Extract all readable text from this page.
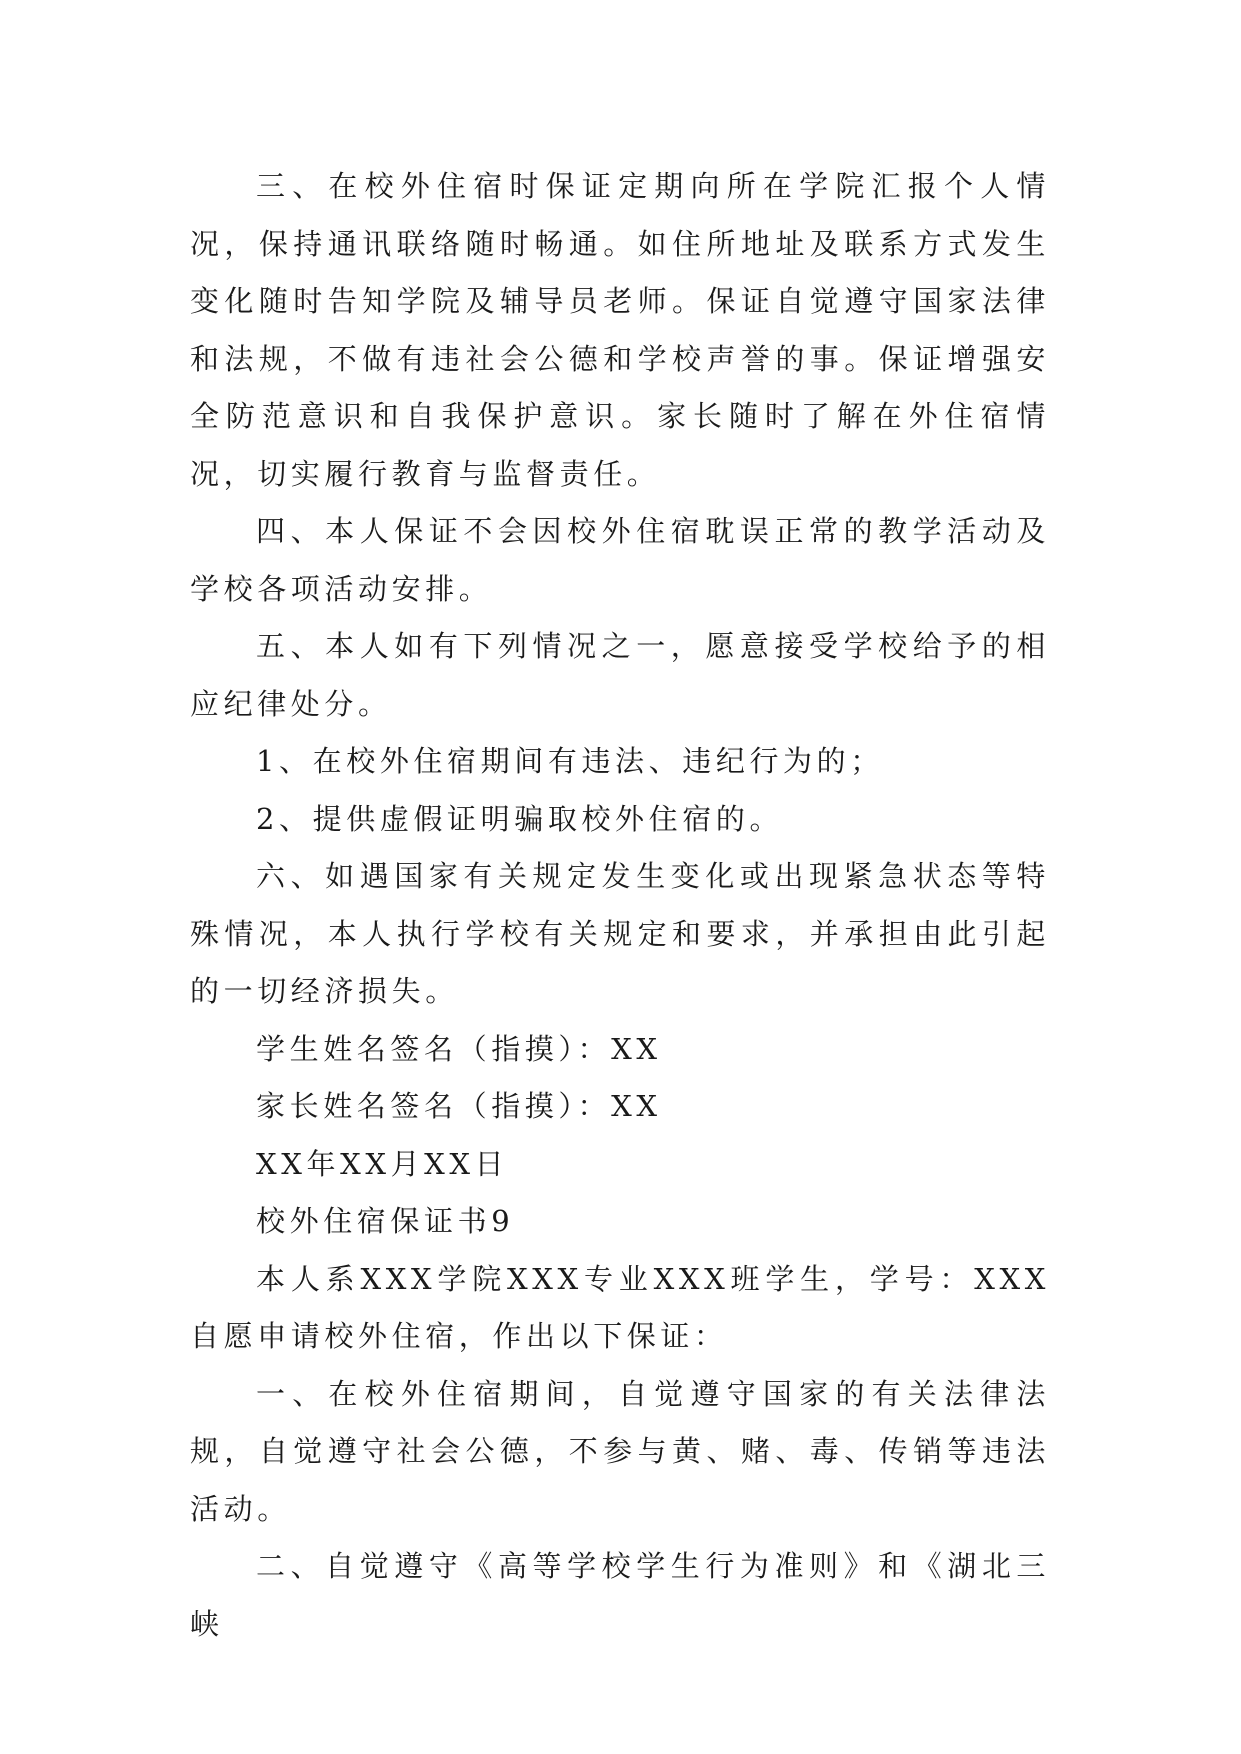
三、在校外住宿时保证定期向所在学院汇报个人情况，保持通讯联络随时畅通。如住所地址及联系方式发生变化随时告知学院及辅导员老师。保证自觉遵守国家法律和法规，不做有违社会公德和学校声誉的事。保证增强安全防范意识和自我保护意识。家长随时了解在外住宿情况，切实履行教育与监督责任。

四、本人保证不会因校外住宿耽误正常的教学活动及学校各项活动安排。

五、本人如有下列情况之一，愿意接受学校给予的相应纪律处分。

1、在校外住宿期间有违法、违纪行为的；

2、提供虚假证明骗取校外住宿的。

六、如遇国家有关规定发生变化或出现紧急状态等特殊情况，本人执行学校有关规定和要求，并承担由此引起的一切经济损失。

学生姓名签名（指摸）：XX

家长姓名签名（指摸）：XX

XX年XX月XX日

校外住宿保证书9

本人系XXX学院XXX专业XXX班学生，学号：XXX自愿申请校外住宿，作出以下保证：

一、在校外住宿期间，自觉遵守国家的有关法律法规，自觉遵守社会公德，不参与黄、赌、毒、传销等违法活动。

二、自觉遵守《高等学校学生行为准则》和《湖北三峡
